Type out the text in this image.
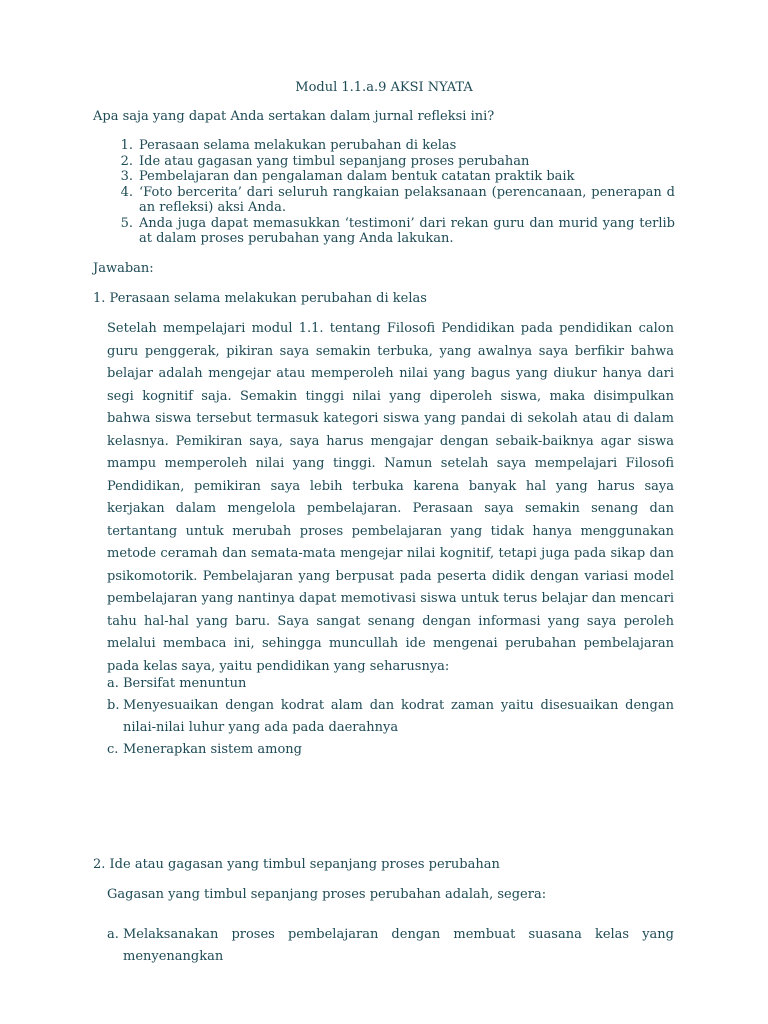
Modul 1.1.a.9 AKSI NYATA
Apa saja yang dapat Anda sertakan dalam jurnal refleksi ini?
1. Perasaan selama melakukan perubahan di kelas
2. Ide atau gagasan yang timbul sepanjang proses perubahan
3. Pembelajaran dan pengalaman dalam bentuk catatan praktik baik
4. ‘Foto bercerita’ dari seluruh rangkaian pelaksanaan (perencanaan, penerapan dan refleksi) aksi Anda.
5. Anda juga dapat memasukkan ‘testimoni’ dari rekan guru dan murid yang terlibat dalam proses perubahan yang Anda lakukan.
Jawaban:
1. Perasaan selama melakukan perubahan di kelas
Setelah mempelajari modul 1.1. tentang Filosofi Pendidikan pada pendidikan calon guru penggerak, pikiran saya semakin terbuka, yang awalnya saya berfikir bahwa belajar adalah mengejar atau memperoleh nilai yang bagus yang diukur hanya dari segi kognitif saja. Semakin tinggi nilai yang diperoleh siswa, maka disimpulkan bahwa siswa tersebut termasuk kategori siswa yang pandai di sekolah atau di dalam kelasnya. Pemikiran saya, saya harus mengajar dengan sebaik-baiknya agar siswa mampu memperoleh nilai yang tinggi. Namun setelah saya mempelajari Filosofi Pendidikan, pemikiran saya lebih terbuka karena banyak hal yang harus saya kerjakan dalam mengelola pembelajaran. Perasaan saya semakin senang dan tertantang untuk merubah proses pembelajaran yang tidak hanya menggunakan metode ceramah dan semata-mata mengejar nilai kognitif, tetapi juga pada sikap dan psikomotorik. Pembelajaran yang berpusat pada peserta didik dengan variasi model pembelajaran yang nantinya dapat memotivasi siswa untuk terus belajar dan mencari tahu hal-hal yang baru. Saya sangat senang dengan informasi yang saya peroleh melalui membaca ini, sehingga muncullah ide mengenai perubahan pembelajaran pada kelas saya, yaitu pendidikan yang seharusnya:
a. Bersifat menuntun
b. Menyesuaikan dengan kodrat alam dan kodrat zaman yaitu disesuaikan dengan nilai-nilai luhur yang ada pada daerahnya
c. Menerapkan sistem among
2. Ide atau gagasan yang timbul sepanjang proses perubahan
Gagasan yang timbul sepanjang proses perubahan adalah, segera:
a. Melaksanakan proses pembelajaran dengan membuat suasana kelas yang menyenangkan
